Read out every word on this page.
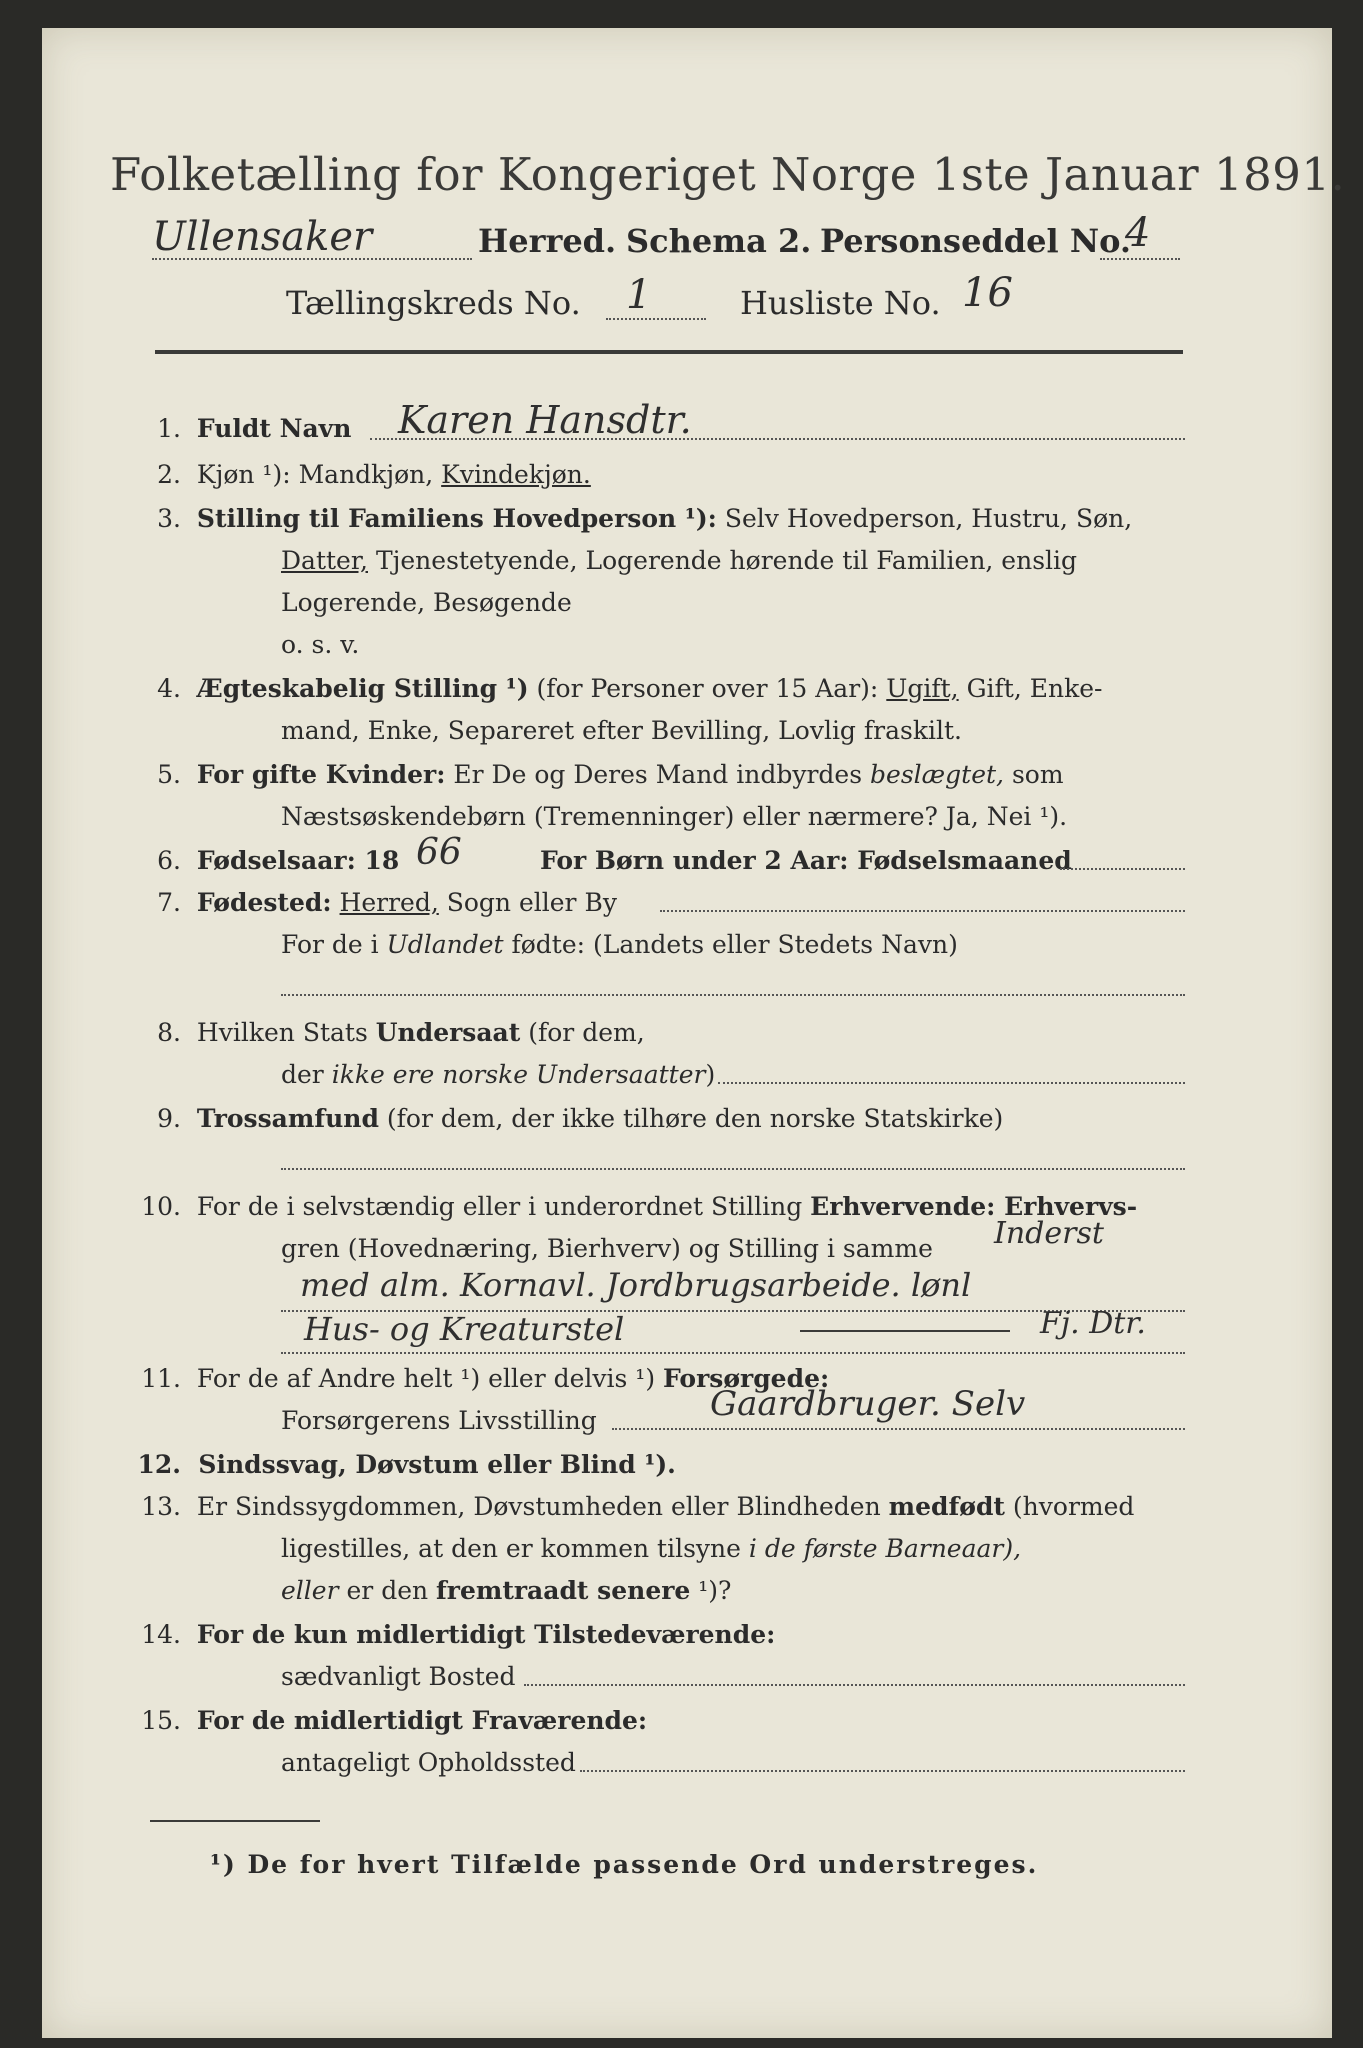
Folketælling for Kongeriget Norge 1ste Januar 1891.
Ullensaker	Herred. Schema 2. Personseddel No.
4
Tællingskreds No. 1	Husliste No. 16
1. Fuldt Navn Karen Hansdtr.
2. Kjøn ¹): Mandkjøn, Kvindekjøn.
3. Stilling til Familiens Hovedperson ¹): Selv Hovedperson, Hustru, Søn,
Datter, Tjenestetyende, Logerende hørende til Familien, enslig
Logerende, Besøgende
o. s. v.
4. Ægteskabelig Stilling ¹) (for Personer over 15 Aar): Ugift, Gift, Enke-
mand, Enke, Separeret efter Bevilling, Lovlig fraskilt.
5. For gifte Kvinder: Er De og Deres Mand indbyrdes beslægtet, som
Næstsøskendebørn (Tremenninger) eller nærmere? Ja, Nei ¹).
6. Fødselsaar: 18 66	For Børn under 2 Aar: Fødselsmaaned
7. Fødested: Herred, Sogn eller By
For de i Udlandet fødte: (Landets eller Stedets Navn)
8. Hvilken Stats Undersaat (for dem,
der ikke ere norske Undersaatter)
9. Trossamfund (for dem, der ikke tilhøre den norske Statskirke)
10. For de i selvstændig eller i underordnet Stilling Erhvervende: Erhvervs-
gren (Hovednæring, Bierhverv) og Stilling i samme Inderst
med alm. Kornavl. Jordbrugsarbeide. lønl
Hus- og Kreaturstel	Fj. Dtr.
11. For de af Andre helt ¹) eller delvis ¹) Forsørgede:
Forsørgerens Livsstilling	Gaardbruger. Selv
12. Sindssvag, Døvstum eller Blind ¹).
13. Er Sindssygdommen, Døvstumheden eller Blindheden medfødt (hvormed
ligestilles, at den er kommen tilsyne i de første Barneaar),
eller er den fremtraadt senere ¹)?
14. For de kun midlertidigt Tilstedeværende:
sædvanligt Bosted
15. For de midlertidigt Fraværende:
antageligt Opholdssted
¹) De for hvert Tilfælde passende Ord understreges.
